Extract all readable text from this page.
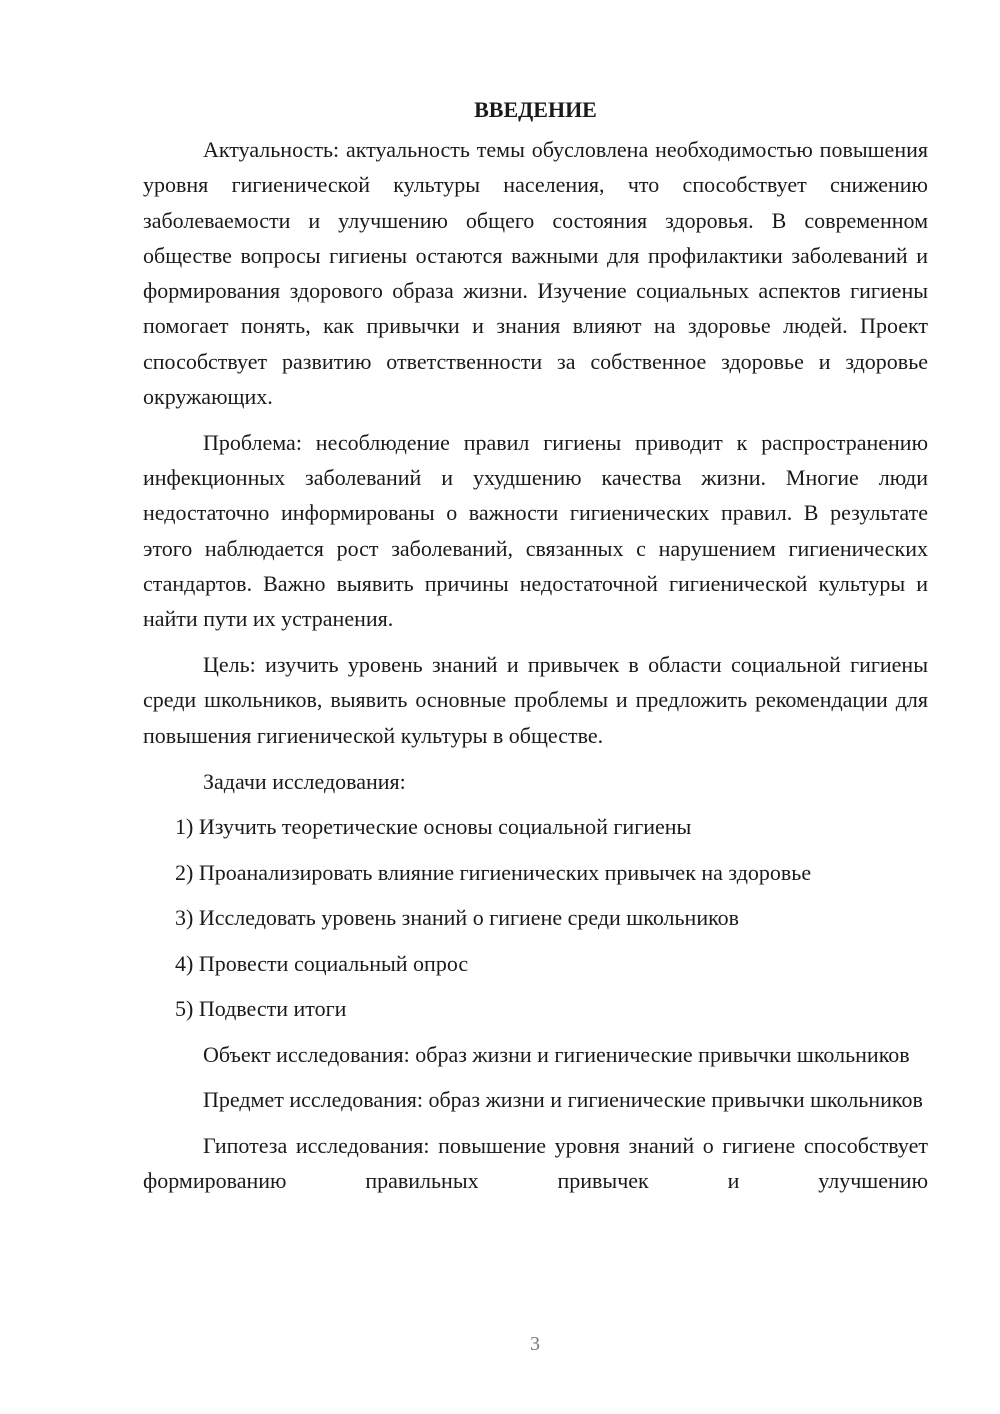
ВВЕДЕНИЕ

Актуальность: актуальность темы обусловлена необходимостью повышения уровня гигиенической культуры населения, что способствует снижению заболеваемости и улучшению общего состояния здоровья. В современном обществе вопросы гигиены остаются важными для профилактики заболеваний и формирования здорового образа жизни. Изучение социальных аспектов гигиены помогает понять, как привычки и знания влияют на здоровье людей. Проект способствует развитию ответственности за собственное здоровье и здоровье окружающих.

Проблема: несоблюдение правил гигиены приводит к распространению инфекционных заболеваний и ухудшению качества жизни. Многие люди недостаточно информированы о важности гигиенических правил. В результате этого наблюдается рост заболеваний, связанных с нарушением гигиенических стандартов. Важно выявить причины недостаточной гигиенической культуры и найти пути их устранения.

Цель: изучить уровень знаний и привычек в области социальной гигиены среди школьников, выявить основные проблемы и предложить рекомендации для повышения гигиенической культуры в обществе.

Задачи исследования:

1) Изучить теоретические основы социальной гигиены

2) Проанализировать влияние гигиенических привычек на здоровье

3) Исследовать уровень знаний о гигиене среди школьников

4) Провести социальный опрос

5) Подвести итоги

Объект исследования: образ жизни и гигиенические привычки школьников

Предмет исследования: образ жизни и гигиенические привычки школьников

Гипотеза исследования: повышение уровня знаний о гигиене способствует формированию правильных привычек и улучшению

3
